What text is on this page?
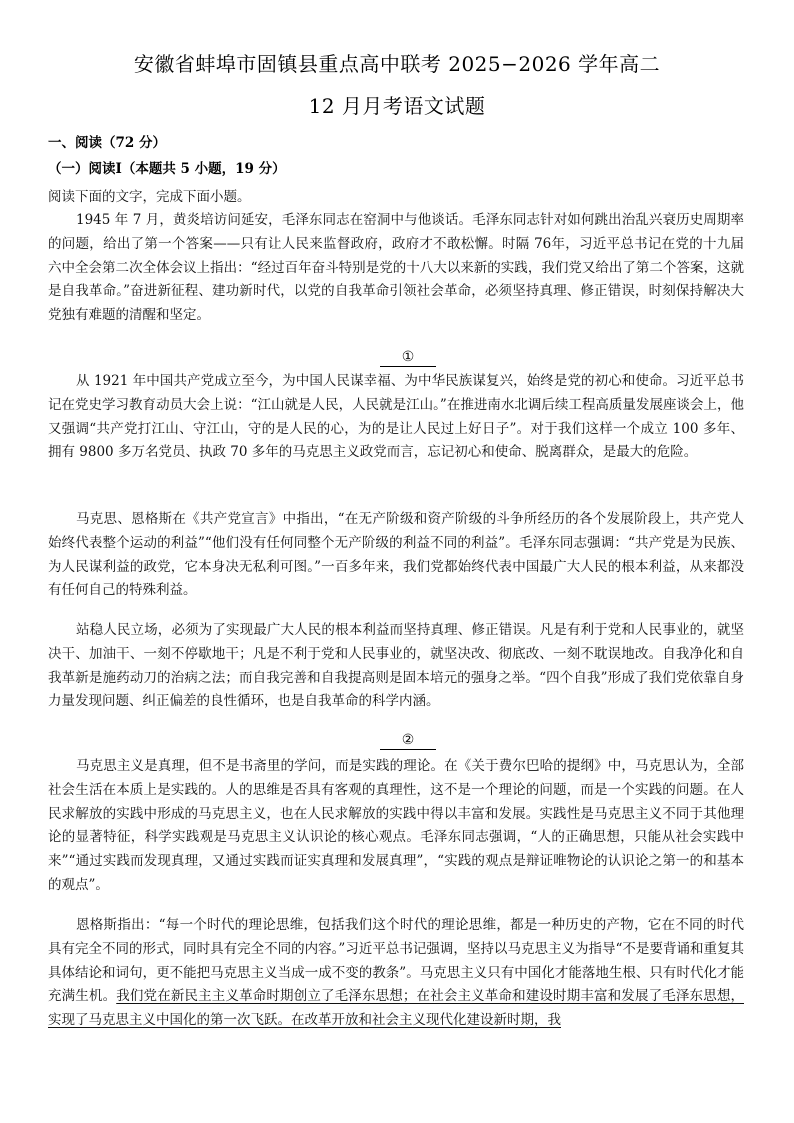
安徽省蚌埠市固镇县重点高中联考 2025−2026 学年高二
12 月月考语文试题
一、阅读（72 分）
（一）阅读Ⅰ（本题共 5 小题，19 分）
阅读下面的文字，完成下面小题。

1945 年 7 月，黄炎培访问延安，毛泽东同志在窑洞中与他谈话。毛泽东同志针对如何跳出治乱兴衰历史周期率的问题，给出了第一个答案——只有让人民来监督政府，政府才不敢松懈。时隔 76年，习近平总书记在党的十九届六中全会第二次全体会议上指出：“经过百年奋斗特别是党的十八大以来新的实践，我们党又给出了第二个答案，这就是自我革命。”奋进新征程、建功新时代，以党的自我革命引领社会革命，必须坚持真理、修正错误，时刻保持解决大党独有难题的清醒和坚定。

①

从 1921 年中国共产党成立至今，为中国人民谋幸福、为中华民族谋复兴，始终是党的初心和使命。习近平总书记在党史学习教育动员大会上说：“江山就是人民，人民就是江山。”在推进南水北调后续工程高质量发展座谈会上，他又强调“共产党打江山、守江山，守的是人民的心，为的是让人民过上好日子”。对于我们这样一个成立 100 多年、拥有 9800 多万名党员、执政 70 多年的马克思主义政党而言，忘记初心和使命、脱离群众，是最大的危险。

马克思、恩格斯在《共产党宣言》中指出，“在无产阶级和资产阶级的斗争所经历的各个发展阶段上，共产党人始终代表整个运动的利益”“他们没有任何同整个无产阶级的利益不同的利益”。毛泽东同志强调：“共产党是为民族、为人民谋利益的政党，它本身决无私利可图。”一百多年来，我们党都始终代表中国最广大人民的根本利益，从来都没有任何自己的特殊利益。

站稳人民立场，必须为了实现最广大人民的根本利益而坚持真理、修正错误。凡是有利于党和人民事业的，就坚决干、加油干、一刻不停歇地干；凡是不利于党和人民事业的，就坚决改、彻底改、一刻不耽误地改。自我净化和自我革新是施药动刀的治病之法；而自我完善和自我提高则是固本培元的强身之举。“四个自我”形成了我们党依靠自身力量发现问题、纠正偏差的良性循环，也是自我革命的科学内涵。

②

马克思主义是真理，但不是书斋里的学问，而是实践的理论。在《关于费尔巴哈的提纲》中，马克思认为，全部社会生活在本质上是实践的。人的思维是否具有客观的真理性，这不是一个理论的问题，而是一个实践的问题。在人民求解放的实践中形成的马克思主义，也在人民求解放的实践中得以丰富和发展。实践性是马克思主义不同于其他理论的显著特征，科学实践观是马克思主义认识论的核心观点。毛泽东同志强调，“人的正确思想，只能从社会实践中来”“通过实践而发现真理，又通过实践而证实真理和发展真理”，“实践的观点是辩证唯物论的认识论之第一的和基本的观点”。

恩格斯指出：“每一个时代的理论思维，包括我们这个时代的理论思维，都是一种历史的产物，它在不同的时代具有完全不同的形式，同时具有完全不同的内容。”习近平总书记强调，坚持以马克思主义为指导“不是要背诵和重复其具体结论和词句，更不能把马克思主义当成一成不变的教条”。马克思主义只有中国化才能落地生根、只有时代化才能充满生机。我们党在新民主主义革命时期创立了毛泽东思想；在社会主义革命和建设时期丰富和发展了毛泽东思想，实现了马克思主义中国化的第一次飞跃。在改革开放和社会主义现代化建设新时期，我
